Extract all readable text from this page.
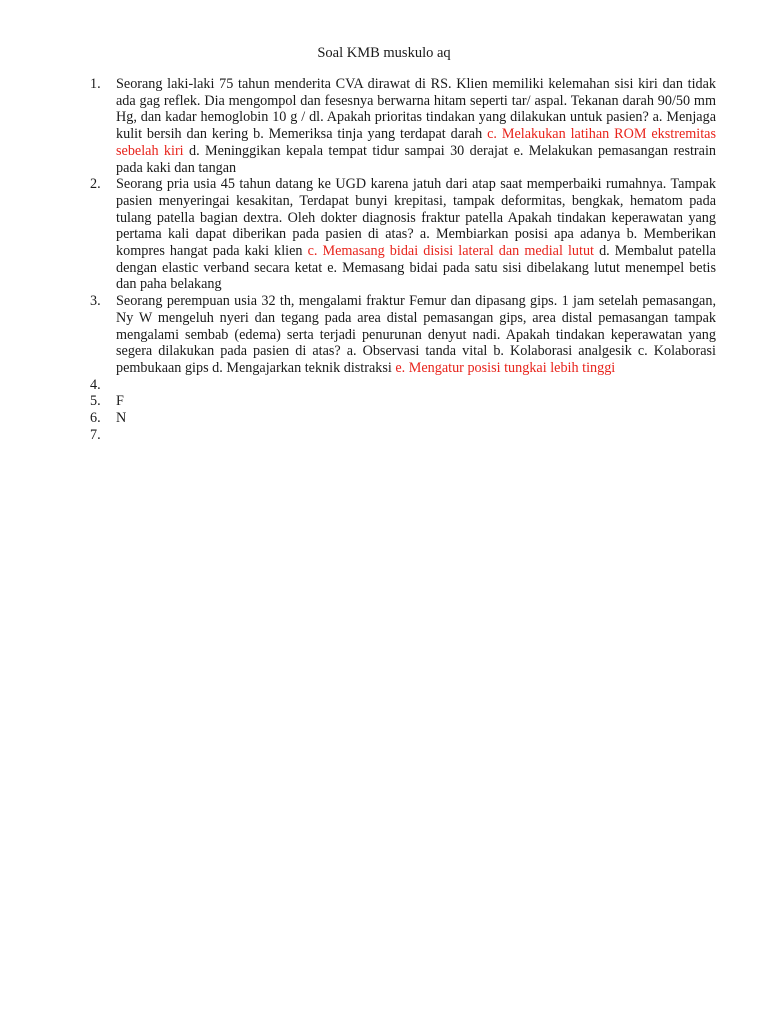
Soal KMB muskulo aq
1. Seorang laki-laki 75 tahun menderita CVA dirawat di RS. Klien memiliki kelemahan sisi kiri dan tidak ada gag reflek. Dia mengompol dan fesesnya berwarna hitam seperti tar/ aspal. Tekanan darah 90/50 mm Hg, dan kadar hemoglobin 10 g / dl. Apakah prioritas tindakan yang dilakukan untuk pasien? a. Menjaga kulit bersih dan kering b. Memeriksa tinja yang terdapat darah c. Melakukan latihan ROM ekstremitas sebelah kiri d. Meninggikan kepala tempat tidur sampai 30 derajat e. Melakukan pemasangan restrain pada kaki dan tangan
2. Seorang pria usia 45 tahun datang ke UGD karena jatuh dari atap saat memperbaiki rumahnya. Tampak pasien menyeringai kesakitan, Terdapat bunyi krepitasi, tampak deformitas, bengkak, hematom pada tulang patella bagian dextra. Oleh dokter diagnosis fraktur patella Apakah tindakan keperawatan yang pertama kali dapat diberikan pada pasien di atas? a. Membiarkan posisi apa adanya b. Memberikan kompres hangat pada kaki klien c. Memasang bidai disisi lateral dan medial lutut d. Membalut patella dengan elastic verband secara ketat e. Memasang bidai pada satu sisi dibelakang lutut menempel betis dan paha belakang
3. Seorang perempuan usia 32 th, mengalami fraktur Femur dan dipasang gips. 1 jam setelah pemasangan, Ny W mengeluh nyeri dan tegang pada area distal pemasangan gips, area distal pemasangan tampak mengalami sembab (edema) serta terjadi penurunan denyut nadi. Apakah tindakan keperawatan yang segera dilakukan pada pasien di atas? a. Observasi tanda vital b. Kolaborasi analgesik c. Kolaborasi pembukaan gips d. Mengajarkan teknik distraksi e. Mengatur posisi tungkai lebih tinggi
4.
5. F
6. N
7.
